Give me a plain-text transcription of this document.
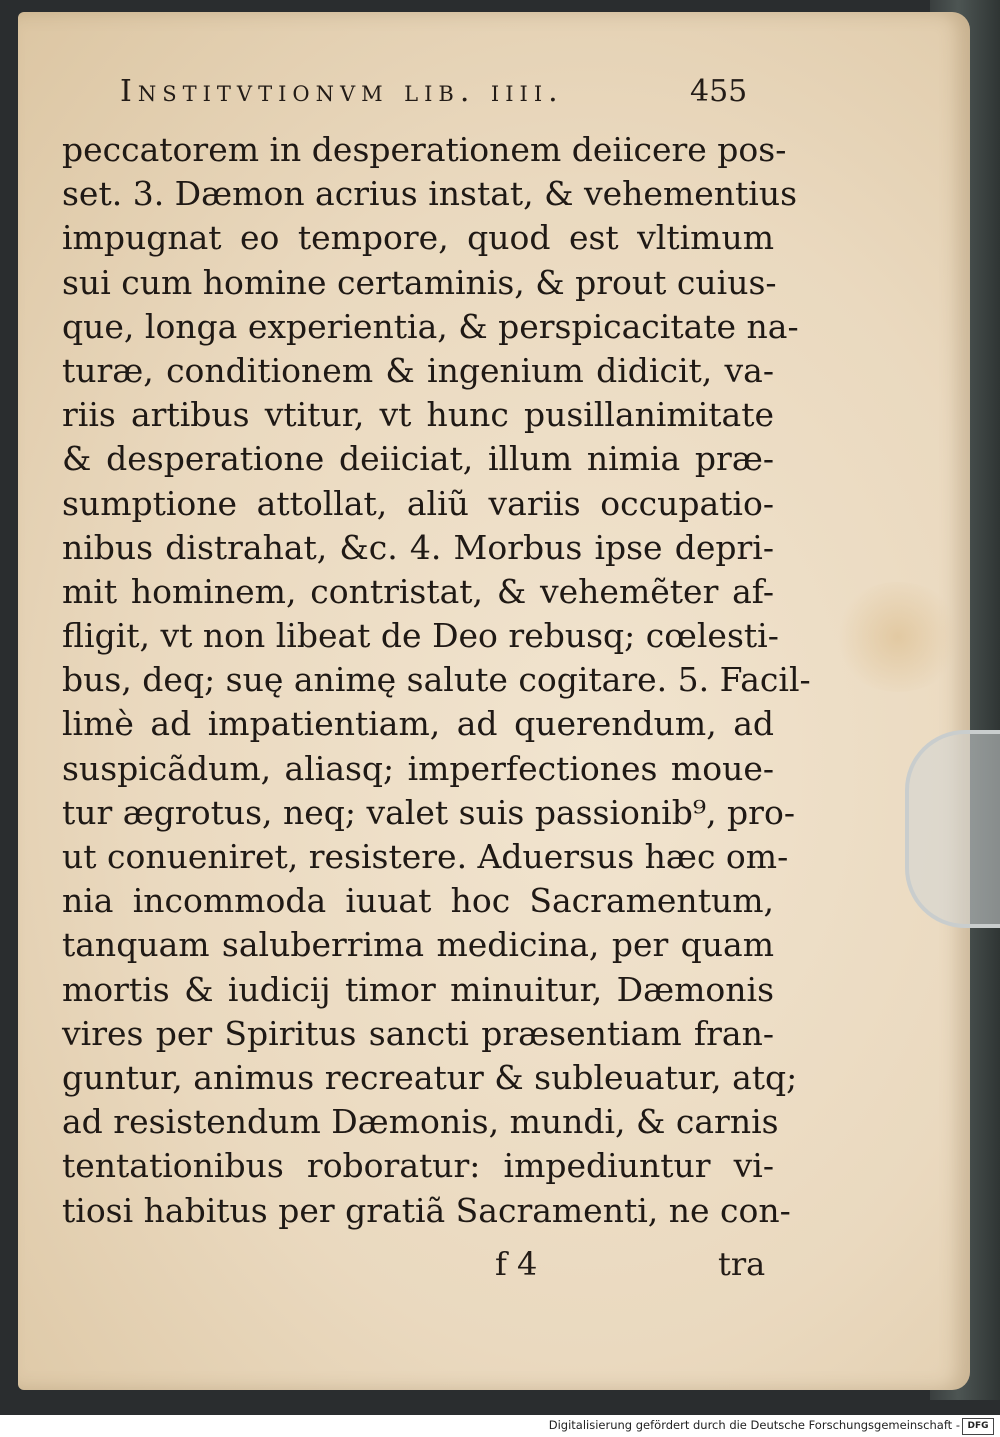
Institvtionvm lib. iiii.	455
peccatorem in desperationem deiicere pos-
set. 3. Dæmon acrius instat, & vehementius
impugnat eo tempore, quod est vltimum
sui cum homine certaminis, & prout cuius-
que, longa experientia, & perspicacitate na-
turæ, conditionem & ingenium didicit, va-
riis artibus vtitur, vt hunc pusillanimitate
& desperatione deiiciat, illum nimia præ-
sumptione attollat, aliũ variis occupatio-
nibus distrahat, &c. 4. Morbus ipse depri-
mit hominem, contristat, & vehemẽter af-
fligit, vt non libeat de Deo rebusq; cœlesti-
bus, deq; suę animę salute cogitare. 5. Facil-
limè ad impatientiam, ad querendum, ad
suspicãdum, aliasq; imperfectiones moue-
tur ægrotus, neq; valet suis passionib⁹, pro-
ut conueniret, resistere. Aduersus hæc om-
nia incommoda iuuat hoc Sacramentum,
tanquam saluberrima medicina, per quam
mortis & iudicij timor minuitur, Dæmonis
vires per Spiritus sancti præsentiam fran-
guntur, animus recreatur & subleuatur, atq;
ad resistendum Dæmonis, mundi, & carnis
tentationibus roboratur: impediuntur vi-
tiosi habitus per gratiã Sacramenti, ne con-
f 4	tra
Digitalisierung gefördert durch die Deutsche Forschungsgemeinschaft - DFG
